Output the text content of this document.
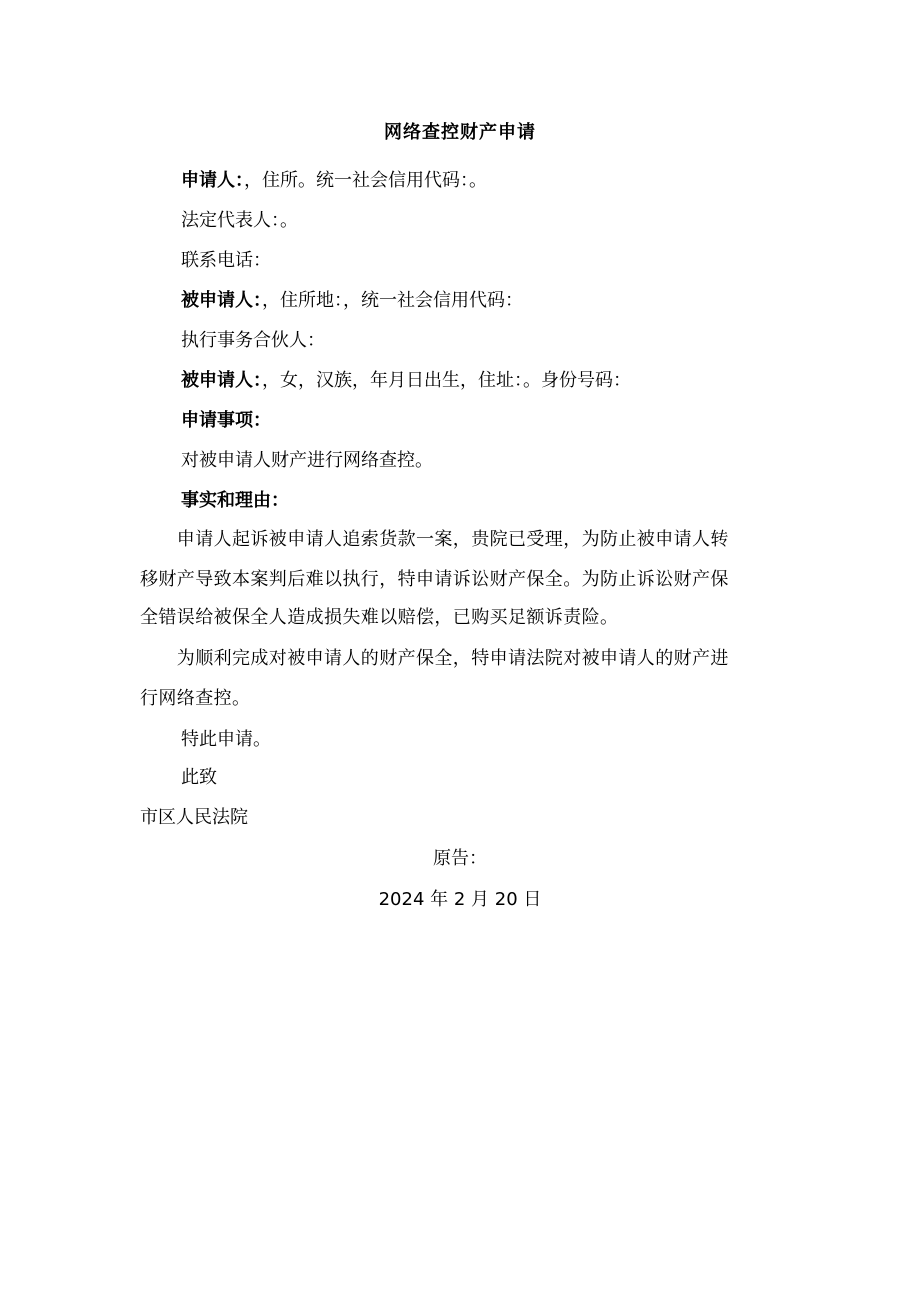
网络查控财产申请
申请人：，住所。统一社会信用代码：。
法定代表人：。
联系电话：
被申请人：，住所地：，统一社会信用代码：
执行事务合伙人：
被申请人：，女，汉族，年月日出生，住址：。身份号码：
申请事项：
对被申请人财产进行网络查控。
事实和理由：
　　申请人起诉被申请人追索货款一案，贵院已受理，为防止被申请人转
移财产导致本案判后难以执行，特申请诉讼财产保全。为防止诉讼财产保
全错误给被保全人造成损失难以赔偿，已购买足额诉责险。
　　为顺利完成对被申请人的财产保全，特申请法院对被申请人的财产进
行网络查控。
特此申请。
此致
市区人民法院
原告：
2024 年 2 月 20 日
